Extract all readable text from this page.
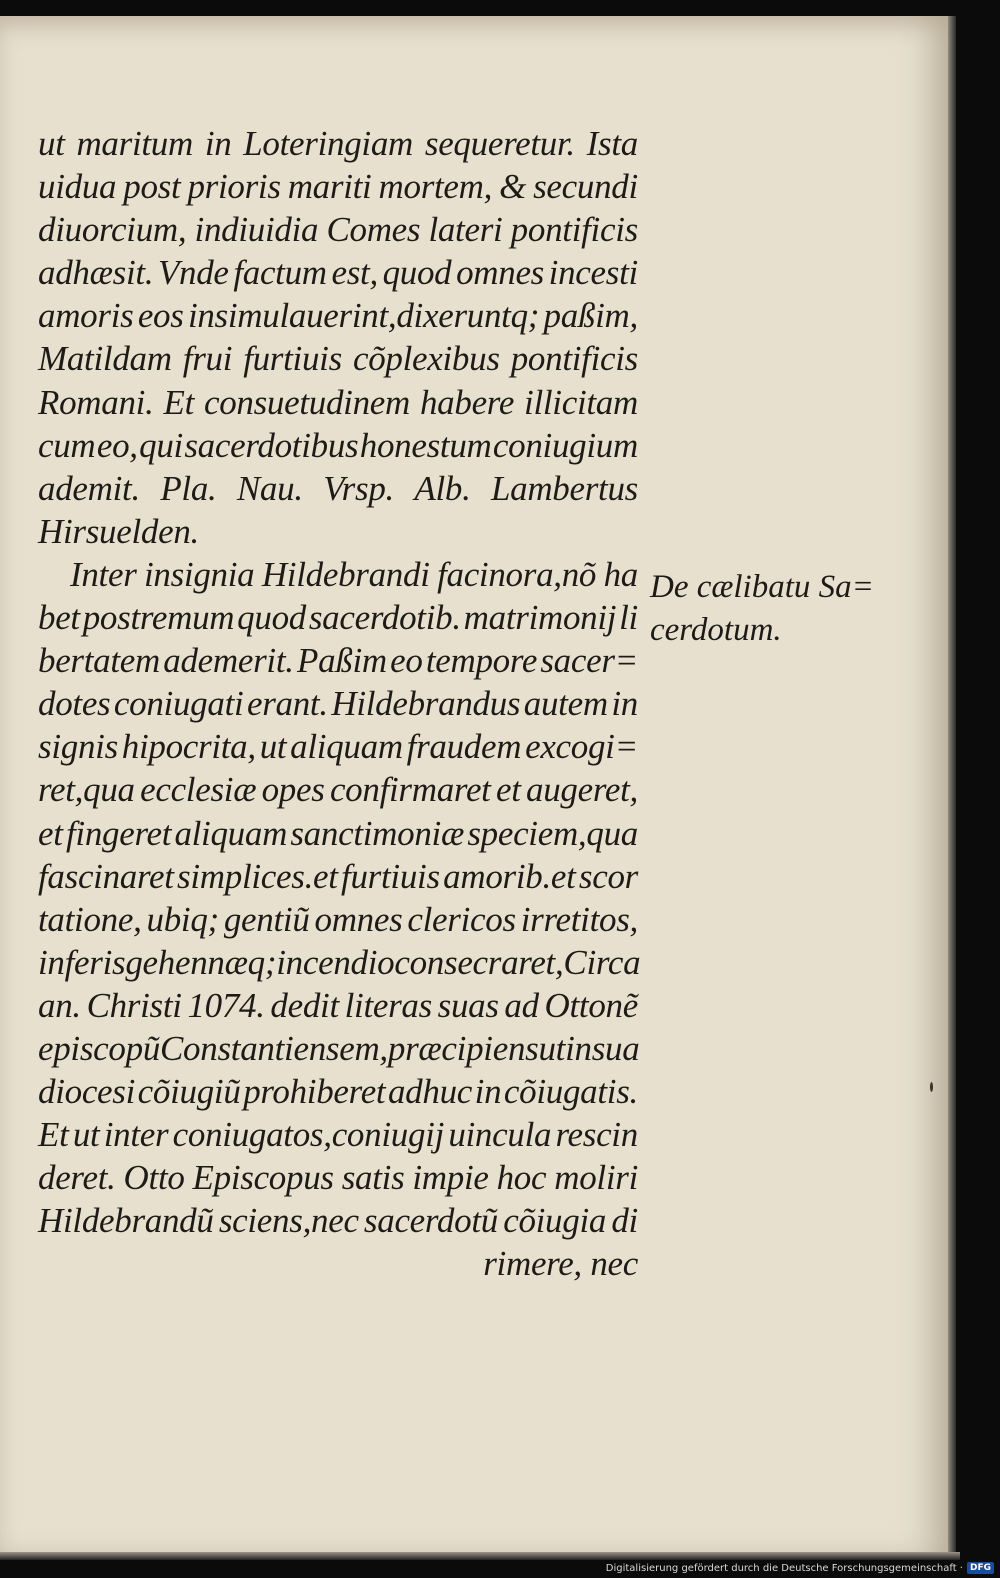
ut maritum in Loteringiam sequeretur. Ista
uidua post prioris mariti mortem, & secundi
diuorcium, indiuidia Comes lateri pontificis
adhæsit. Vnde factum est, quod omnes incesti
amoris eos insimulauerint,dixeruntq; paßim,
Matildam frui furtiuis cõplexibus pontificis
Romani. Et consuetudinem habere illicitam
cum eo, qui sacerdotibus honestum coniugium
ademit. Pla. Nau. Vrsp. Alb. Lambertus
Hirsuelden.
Inter insignia Hildebrandi facinora,nõ ha
bet postremum quod sacerdotib. matrimonij li
bertatem ademerit. Paßim eo tempore sacer=
dotes coniugati erant. Hildebrandus autem in
signis hipocrita, ut aliquam fraudem excogi=
ret,qua ecclesiæ opes confirmaret et augeret,
et fingeret aliquam sanctimoniæ speciem,qua
fascinaret simplices.et furtiuis amorib.et scor
tatione, ubiq; gentiũ omnes clericos irretitos,
inferis gehennæq; incendio consecraret,Circa
an. Christi 1074. dedit literas suas ad Ottonẽ
episcopũ Constantiensem,præcipiens ut in sua
diocesi cõiugiũ prohiberet adhuc in cõiugatis.
Et ut inter coniugatos,coniugij uincula rescin
deret. Otto Episcopus satis impie hoc moliri
Hildebrandũ sciens,nec sacerdotũ cõiugia di
rimere, nec
De cælibatu Sa=
cerdotum.
Digitalisierung gefördert durch die Deutsche Forschungsgemeinschaft · DFG
